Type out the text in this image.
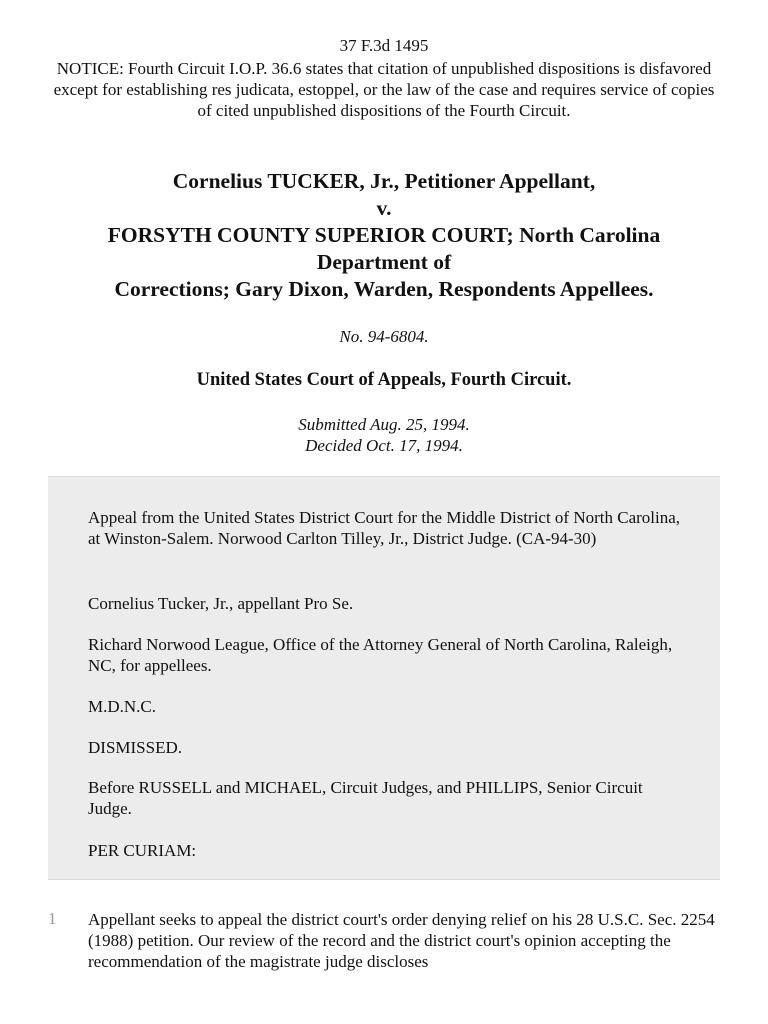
37 F.3d 1495
NOTICE: Fourth Circuit I.O.P. 36.6 states that citation of unpublished dispositions is disfavored except for establishing res judicata, estoppel, or the law of the case and requires service of copies of cited unpublished dispositions of the Fourth Circuit.
Cornelius TUCKER, Jr., Petitioner Appellant,
v.
FORSYTH COUNTY SUPERIOR COURT; North Carolina
Department of
Corrections; Gary Dixon, Warden, Respondents Appellees.
No. 94-6804.
United States Court of Appeals, Fourth Circuit.
Submitted Aug. 25, 1994.
Decided Oct. 17, 1994.

Appeal from the United States District Court for the Middle District of North Carolina, at Winston-Salem. Norwood Carlton Tilley, Jr., District Judge. (CA-94-30)

Cornelius Tucker, Jr., appellant Pro Se.

Richard Norwood League, Office of the Attorney General of North Carolina, Raleigh, NC, for appellees.

M.D.N.C.

DISMISSED.

Before RUSSELL and MICHAEL, Circuit Judges, and PHILLIPS, Senior Circuit Judge.

PER CURIAM:

1 Appellant seeks to appeal the district court's order denying relief on his 28 U.S.C. Sec. 2254 (1988) petition. Our review of the record and the district court's opinion accepting the recommendation of the magistrate judge discloses
